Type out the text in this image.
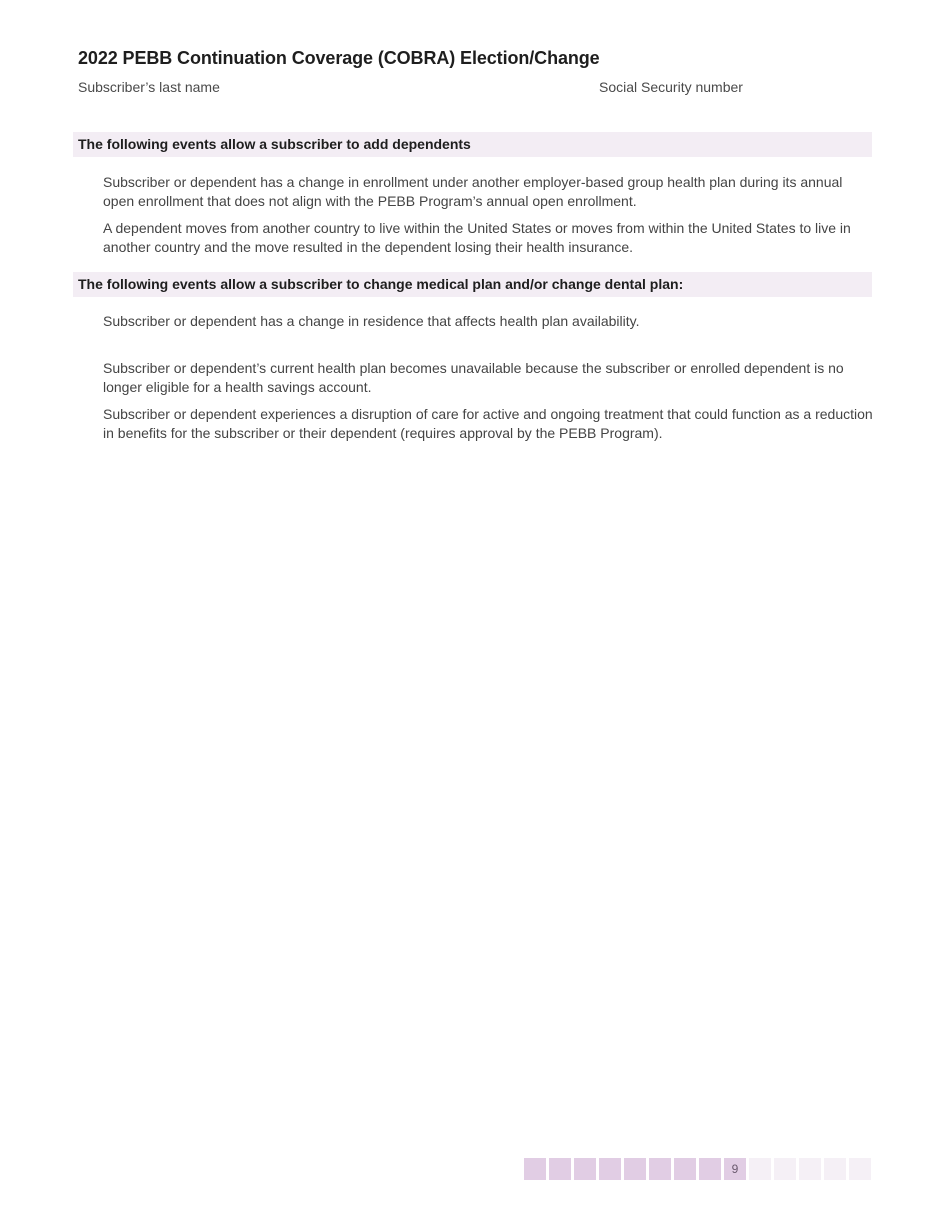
2022 PEBB Continuation Coverage (COBRA) Election/Change
Subscriber’s last name	Social Security number
The following events allow a subscriber to add dependents

Subscriber or dependent has a change in enrollment under another employer-based group health plan during its annual open enrollment that does not align with the PEBB Program’s annual open enrollment.

A dependent moves from another country to live within the United States or moves from within the United States to live in another country and the move resulted in the dependent losing their health insurance.

The following events allow a subscriber to change medical plan and/or change dental plan:

Subscriber or dependent has a change in residence that affects health plan availability.

Subscriber or dependent’s current health plan becomes unavailable because the subscriber or enrolled dependent is no longer eligible for a health savings account.

Subscriber or dependent experiences a disruption of care for active and ongoing treatment that could function as a reduction in benefits for the subscriber or their dependent (requires approval by the PEBB Program).

9
